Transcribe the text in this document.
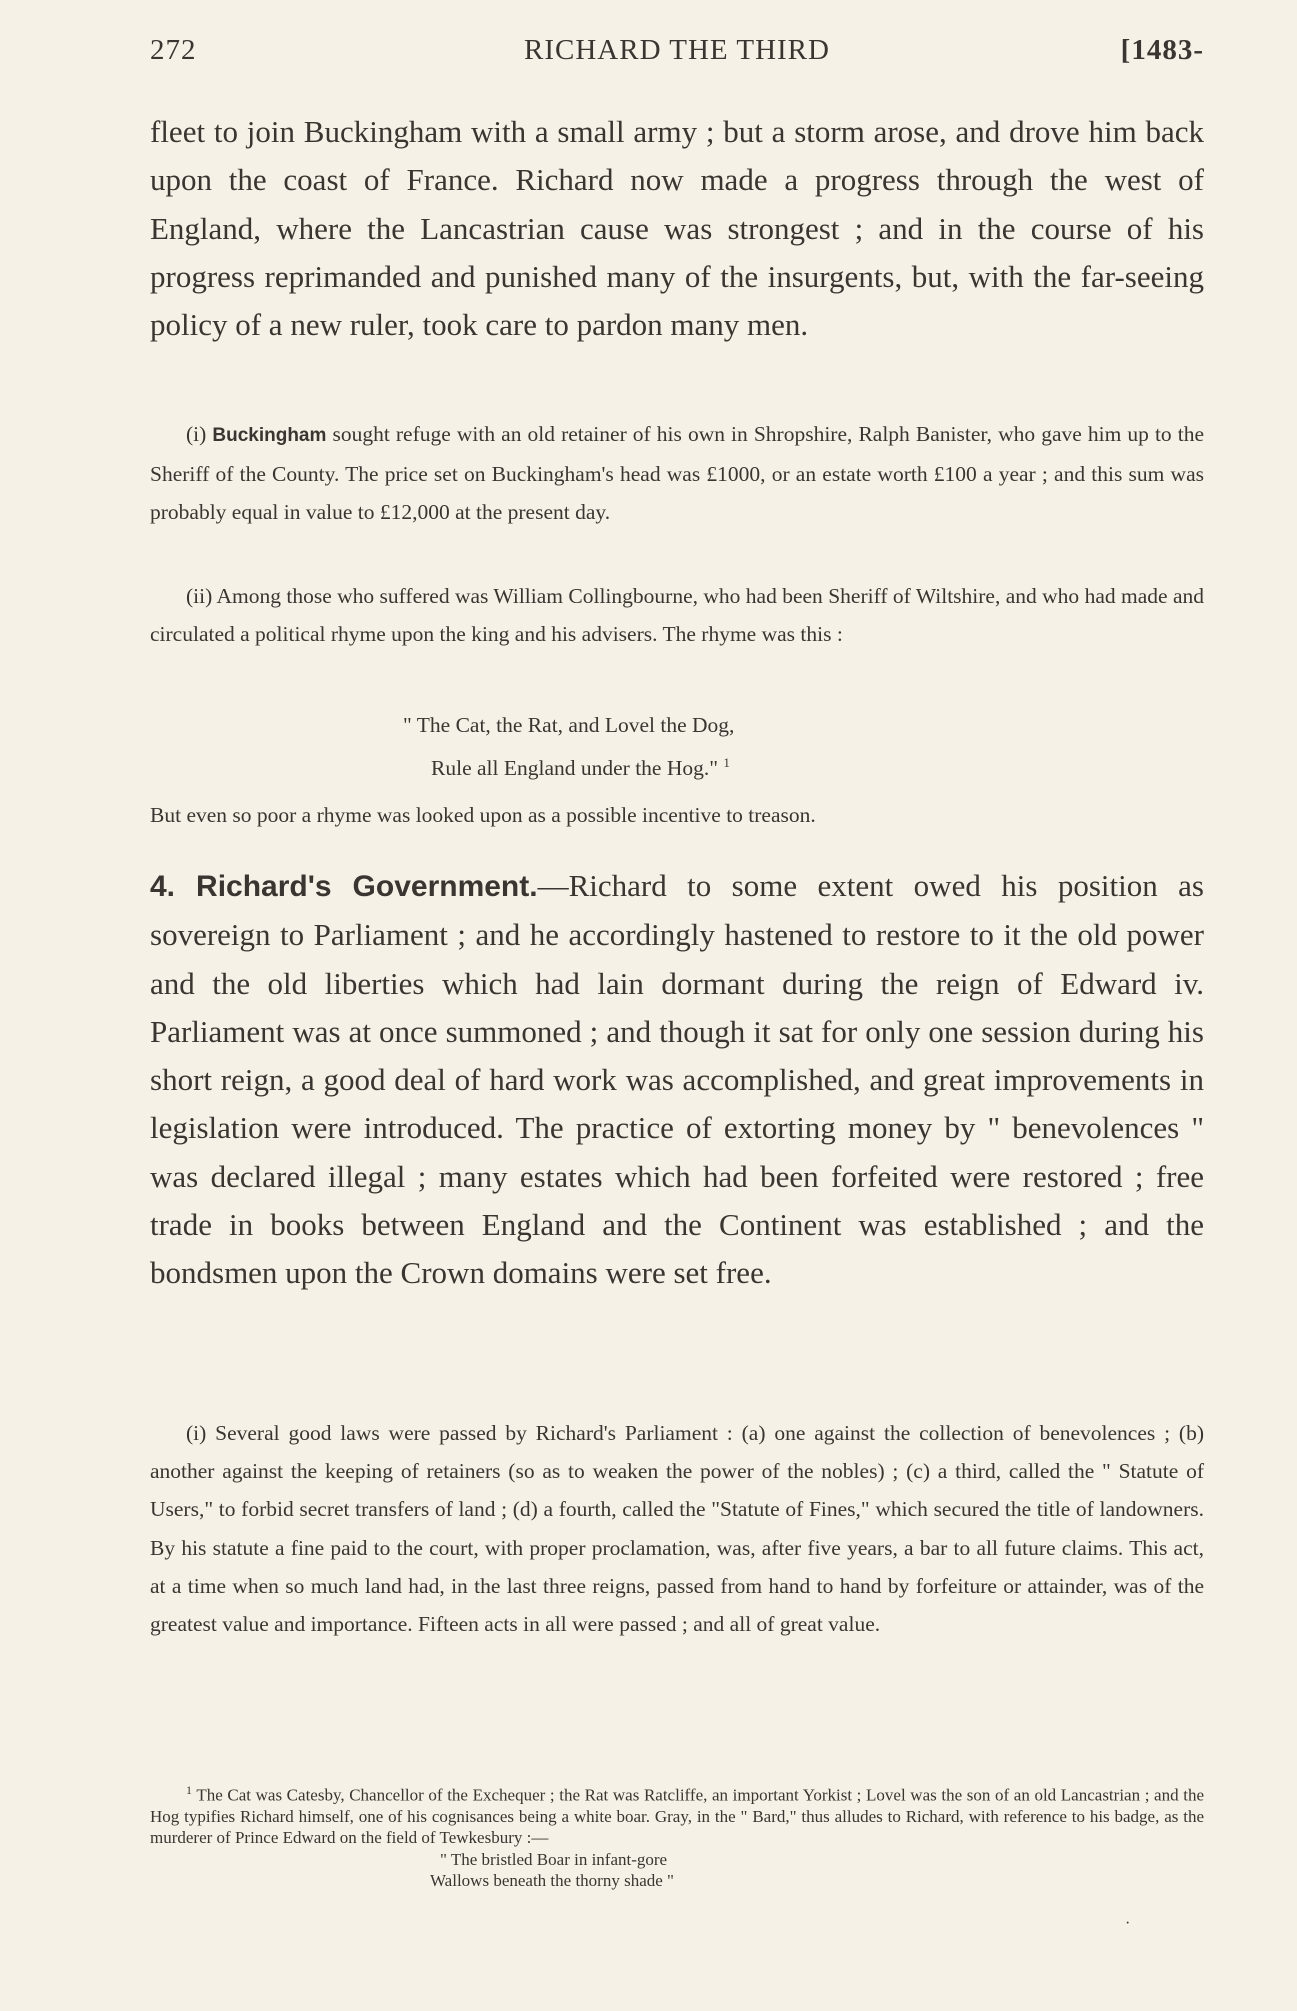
272	RICHARD THE THIRD	[1483-

fleet to join Buckingham with a small army ; but a storm arose, and drove him back upon the coast of France. Richard now made a progress through the west of England, where the Lancastrian cause was strongest ; and in the course of his progress reprimanded and punished many of the insurgents, but, with the far-seeing policy of a new ruler, took care to pardon many men.

(i) Buckingham sought refuge with an old retainer of his own in Shropshire, Ralph Banister, who gave him up to the Sheriff of the County. The price set on Buckingham's head was £1000, or an estate worth £100 a year ; and this sum was probably equal in value to £12,000 at the present day.

(ii) Among those who suffered was William Collingbourne, who had been Sheriff of Wiltshire, and who had made and circulated a political rhyme upon the king and his advisers. The rhyme was this :

" The Cat, the Rat, and Lovel the Dog,

Rule all England under the Hog." $^1$

But even so poor a rhyme was looked upon as a possible incentive to treason.

4. Richard's Government.—Richard to some extent owed his position as sovereign to Parliament ; and he accordingly hastened to restore to it the old power and the old liberties which had lain dormant during the reign of Edward iv. Parliament was at once summoned ; and though it sat for only one session during his short reign, a good deal of hard work was accomplished, and great improvements in legislation were introduced. The practice of extorting money by " benevolences " was declared illegal ; many estates which had been forfeited were restored ; free trade in books between England and the Continent was established ; and the bondsmen upon the Crown domains were set free.

(i) Several good laws were passed by Richard's Parliament : (a) one against the collection of benevolences ; (b) another against the keeping of retainers (so as to weaken the power of the nobles) ; (c) a third, called the " Statute of Users," to forbid secret transfers of land ; (d) a fourth, called the "Statute of Fines," which secured the title of landowners. By his statute a fine paid to the court, with proper proclamation, was, after five years, a bar to all future claims. This act, at a time when so much land had, in the last three reigns, passed from hand to hand by forfeiture or attainder, was of the greatest value and importance. Fifteen acts in all were passed ; and all of great value.

$^1$ The Cat was Catesby, Chancellor of the Exchequer ; the Rat was Ratcliffe, an important Yorkist ; Lovel was the son of an old Lancastrian ; and the Hog typifies Richard himself, one of his cognisances being a white boar. Gray, in the " Bard," thus alludes to Richard, with reference to his badge, as the murderer of Prince Edward on the field of Tewkesbury :—

" The bristled Boar in infant-gore

Wallows beneath the thorny shade "

·
